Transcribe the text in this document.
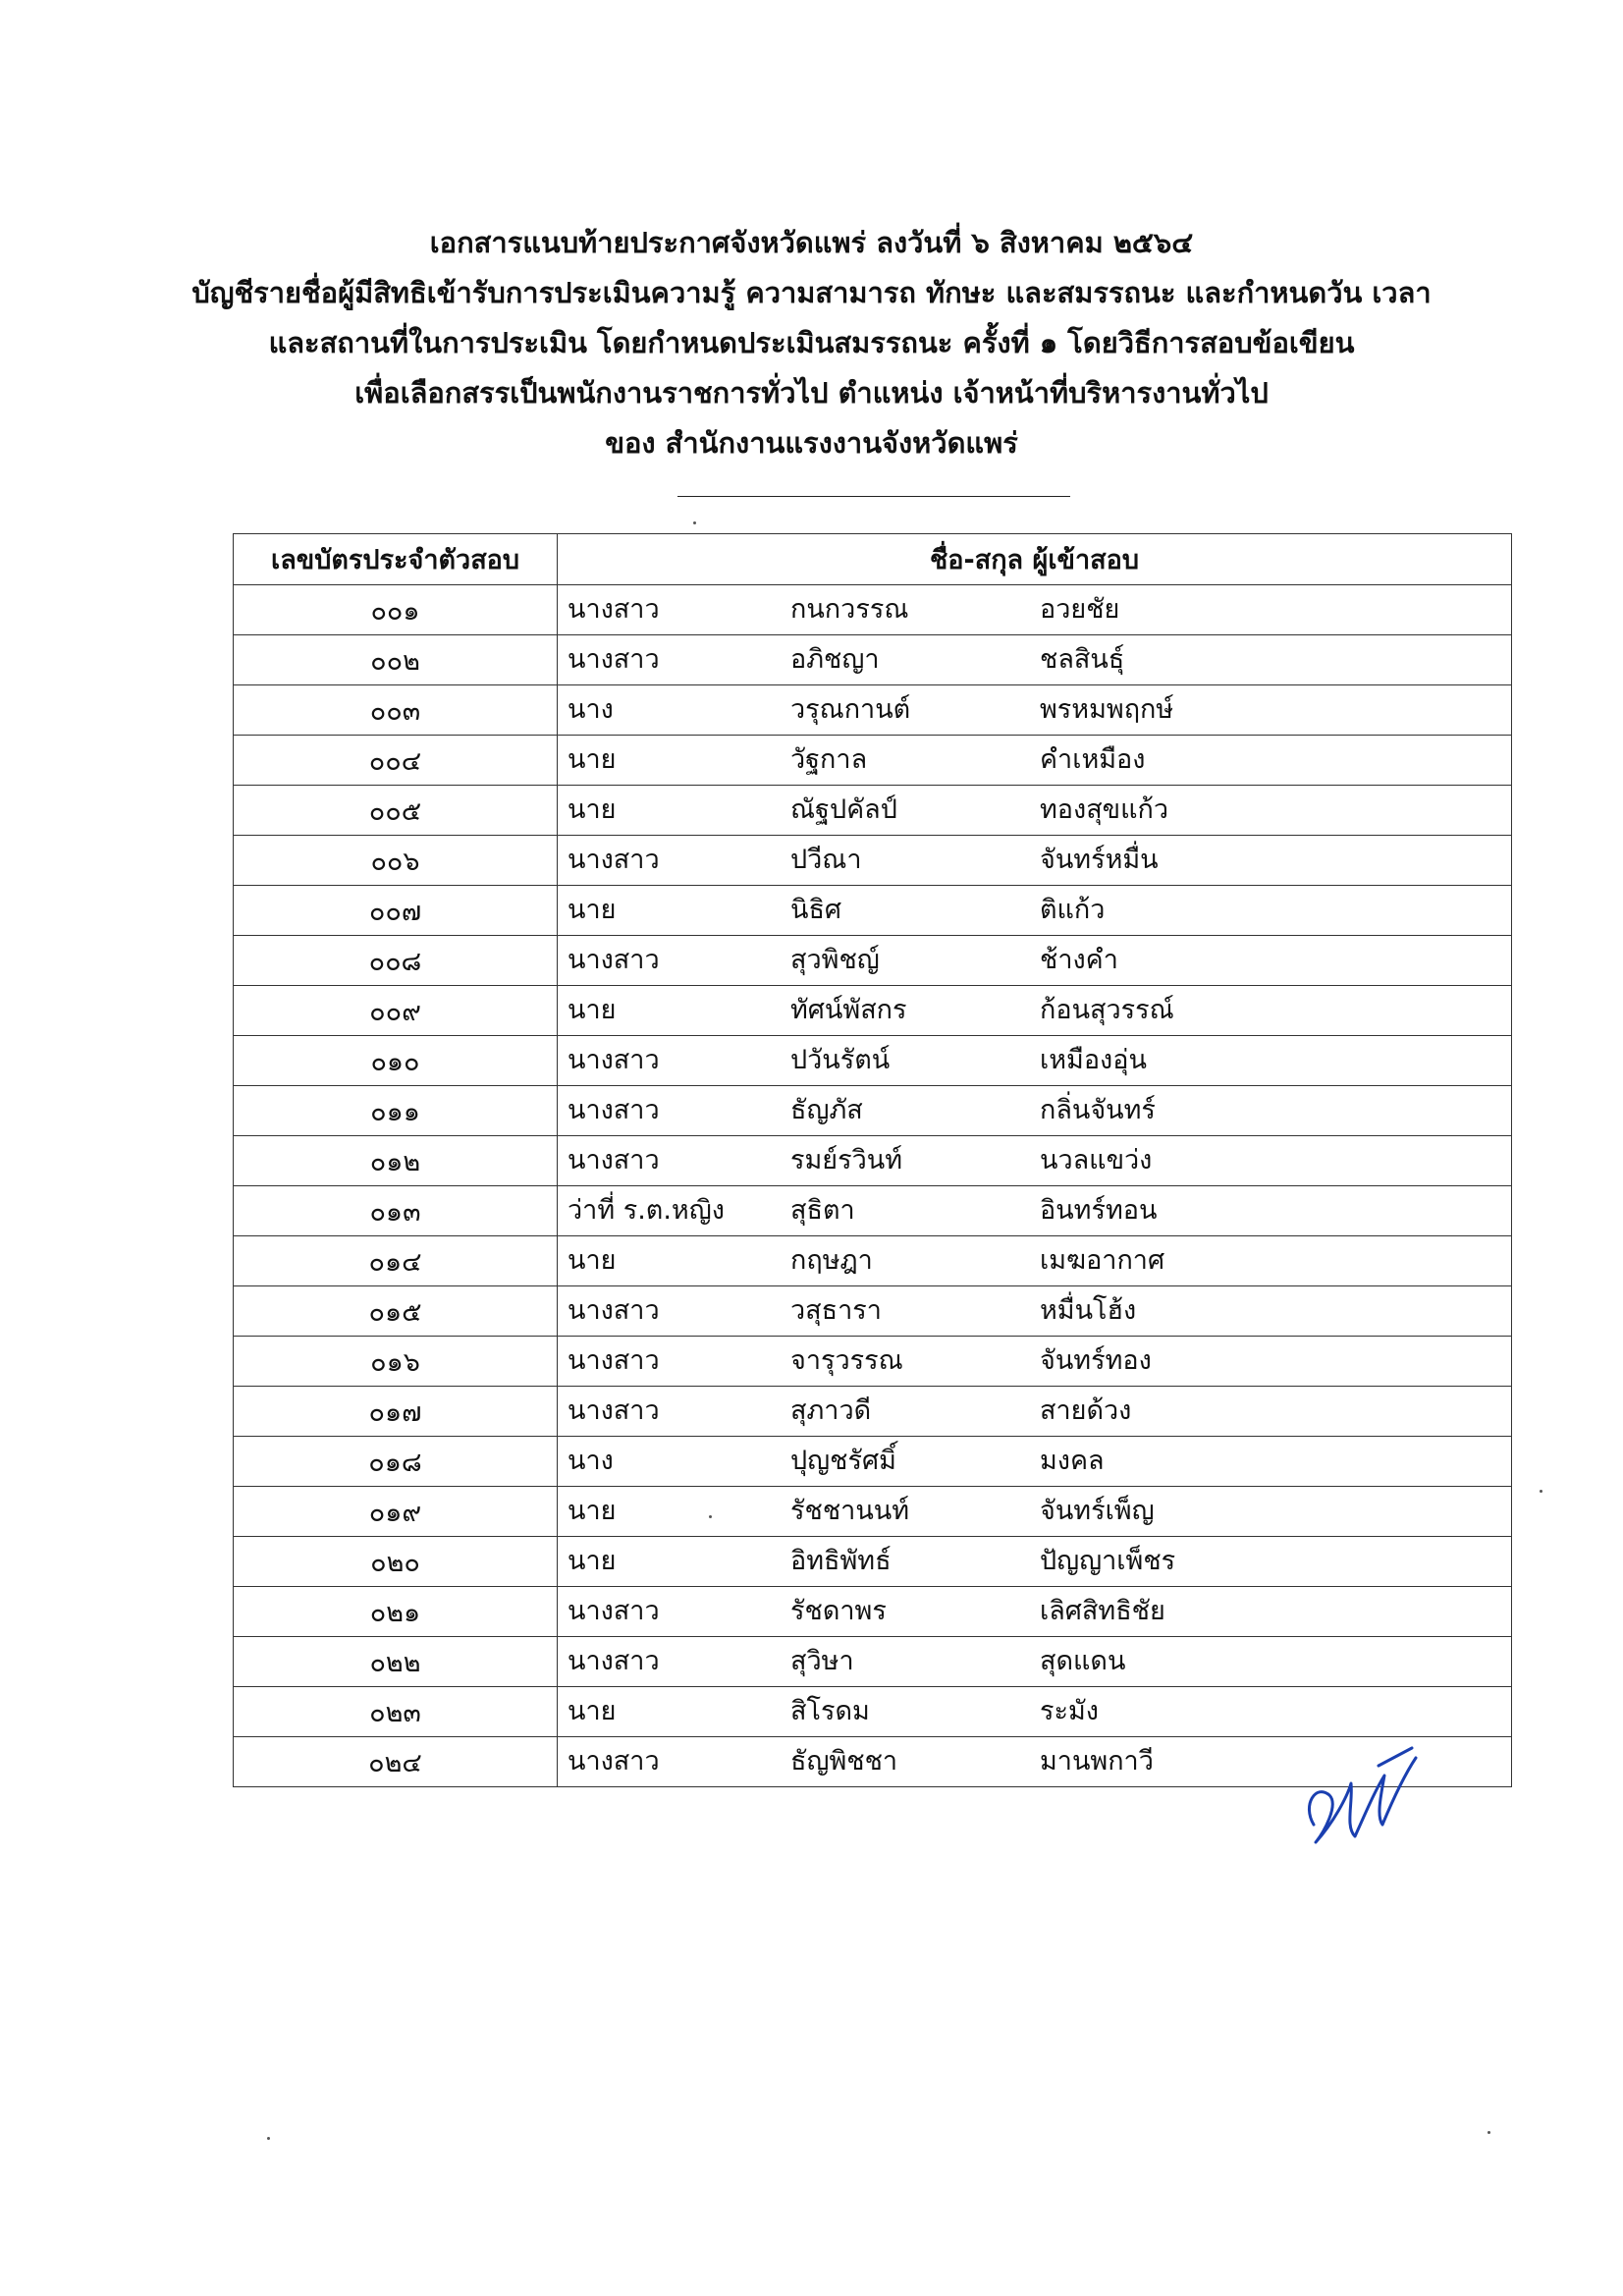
เอกสารแนบท้ายประกาศจังหวัดแพร่ ลงวันที่ ๖ สิงหาคม ๒๕๖๔
บัญชีรายชื่อผู้มีสิทธิเข้ารับการประเมินความรู้ ความสามารถ ทักษะ และสมรรถนะ และกำหนดวัน เวลา
และสถานที่ในการประเมิน โดยกำหนดประเมินสมรรถนะ ครั้งที่ ๑ โดยวิธีการสอบข้อเขียน
เพื่อเลือกสรรเป็นพนักงานราชการทั่วไป ตำแหน่ง เจ้าหน้าที่บริหารงานทั่วไป
ของ สำนักงานแรงงานจังหวัดแพร่
เลขบัตรประจำตัวสอบ	ชื่อ-สกุล ผู้เข้าสอบ
๐๐๑	นางสาว กนกวรรณ อวยชัย

๐๐๒	นางสาว อภิชญา ชลสินธุ์

๐๐๓	นาง วรุณกานต์ พรหมพฤกษ์

๐๐๔	นาย วัฐกาล คำเหมือง

๐๐๕	นาย ณัฐปคัลป์ ทองสุขแก้ว

๐๐๖	นางสาว ปวีณา จันทร์หมื่น

๐๐๗	นาย นิธิศ ติแก้ว

๐๐๘	นางสาว สุวพิชญ์ ช้างคำ

๐๐๙	นาย ทัศน์พัสกร ก้อนสุวรรณ์

๐๑๐	นางสาว ปวันรัตน์ เหมืองอุ่น

๐๑๑	นางสาว ธัญภัส กลิ่นจันทร์

๐๑๒	นางสาว รมย์รวินท์ นวลแขว่ง

๐๑๓	ว่าที่ ร.ต.หญิง สุธิตา อินทร์ทอน

๐๑๔	นาย กฤษฎา เมฆอากาศ

๐๑๕	นางสาว วสุธารา หมื่นโฮ้ง

๐๑๖	นางสาว จารุวรรณ จันทร์ทอง

๐๑๗	นางสาว สุภาวดี สายด้วง

๐๑๘	นาง ปุญชรัศมิ์ มงคล

๐๑๙	นาย รัชชานนท์ จันทร์เพ็ญ

๐๒๐	นาย อิทธิพัทธ์ ปัญญาเพ็ชร

๐๒๑	นางสาว รัชดาพร เลิศสิทธิชัย

๐๒๒	นางสาว สุวิษา สุดแดน

๐๒๓	นาย สิโรดม ระมัง

๐๒๔	นางสาว ธัญพิชชา มานพกาวี
